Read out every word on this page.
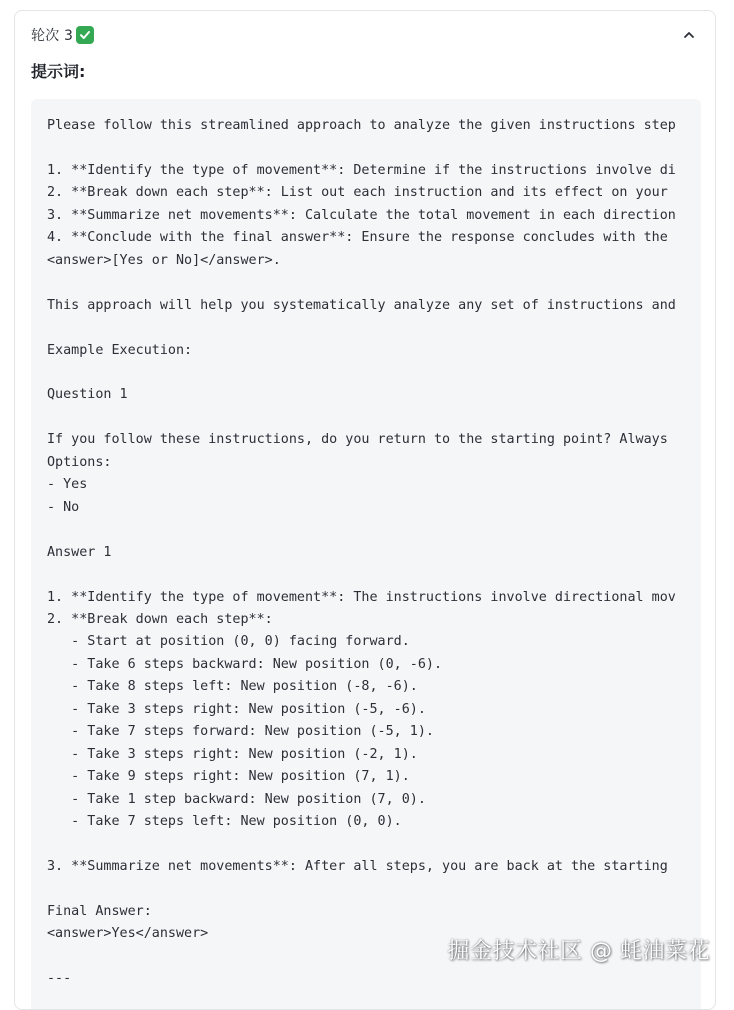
轮次 3
提示词:
Please follow this streamlined approach to analyze the given instructions step

1. **Identify the type of movement**: Determine if the instructions involve di
2. **Break down each step**: List out each instruction and its effect on your
3. **Summarize net movements**: Calculate the total movement in each direction
4. **Conclude with the final answer**: Ensure the response concludes with the
<answer>[Yes or No]</answer>.

This approach will help you systematically analyze any set of instructions and

Example Execution:

Question 1

If you follow these instructions, do you return to the starting point? Always
Options:
- Yes
- No

Answer 1

1. **Identify the type of movement**: The instructions involve directional mov
2. **Break down each step**:
- Start at position (0, 0) facing forward.
- Take 6 steps backward: New position (0, -6).
- Take 8 steps left: New position (-8, -6).
- Take 3 steps right: New position (-5, -6).
- Take 7 steps forward: New position (-5, 1).
- Take 3 steps right: New position (-2, 1).
- Take 9 steps right: New position (7, 1).
- Take 1 step backward: New position (7, 0).
- Take 7 steps left: New position (0, 0).

3. **Summarize net movements**: After all steps, you are back at the starting

Final Answer:
<answer>Yes</answer>

---
掘金技术社区 @ 蚝油菜花
